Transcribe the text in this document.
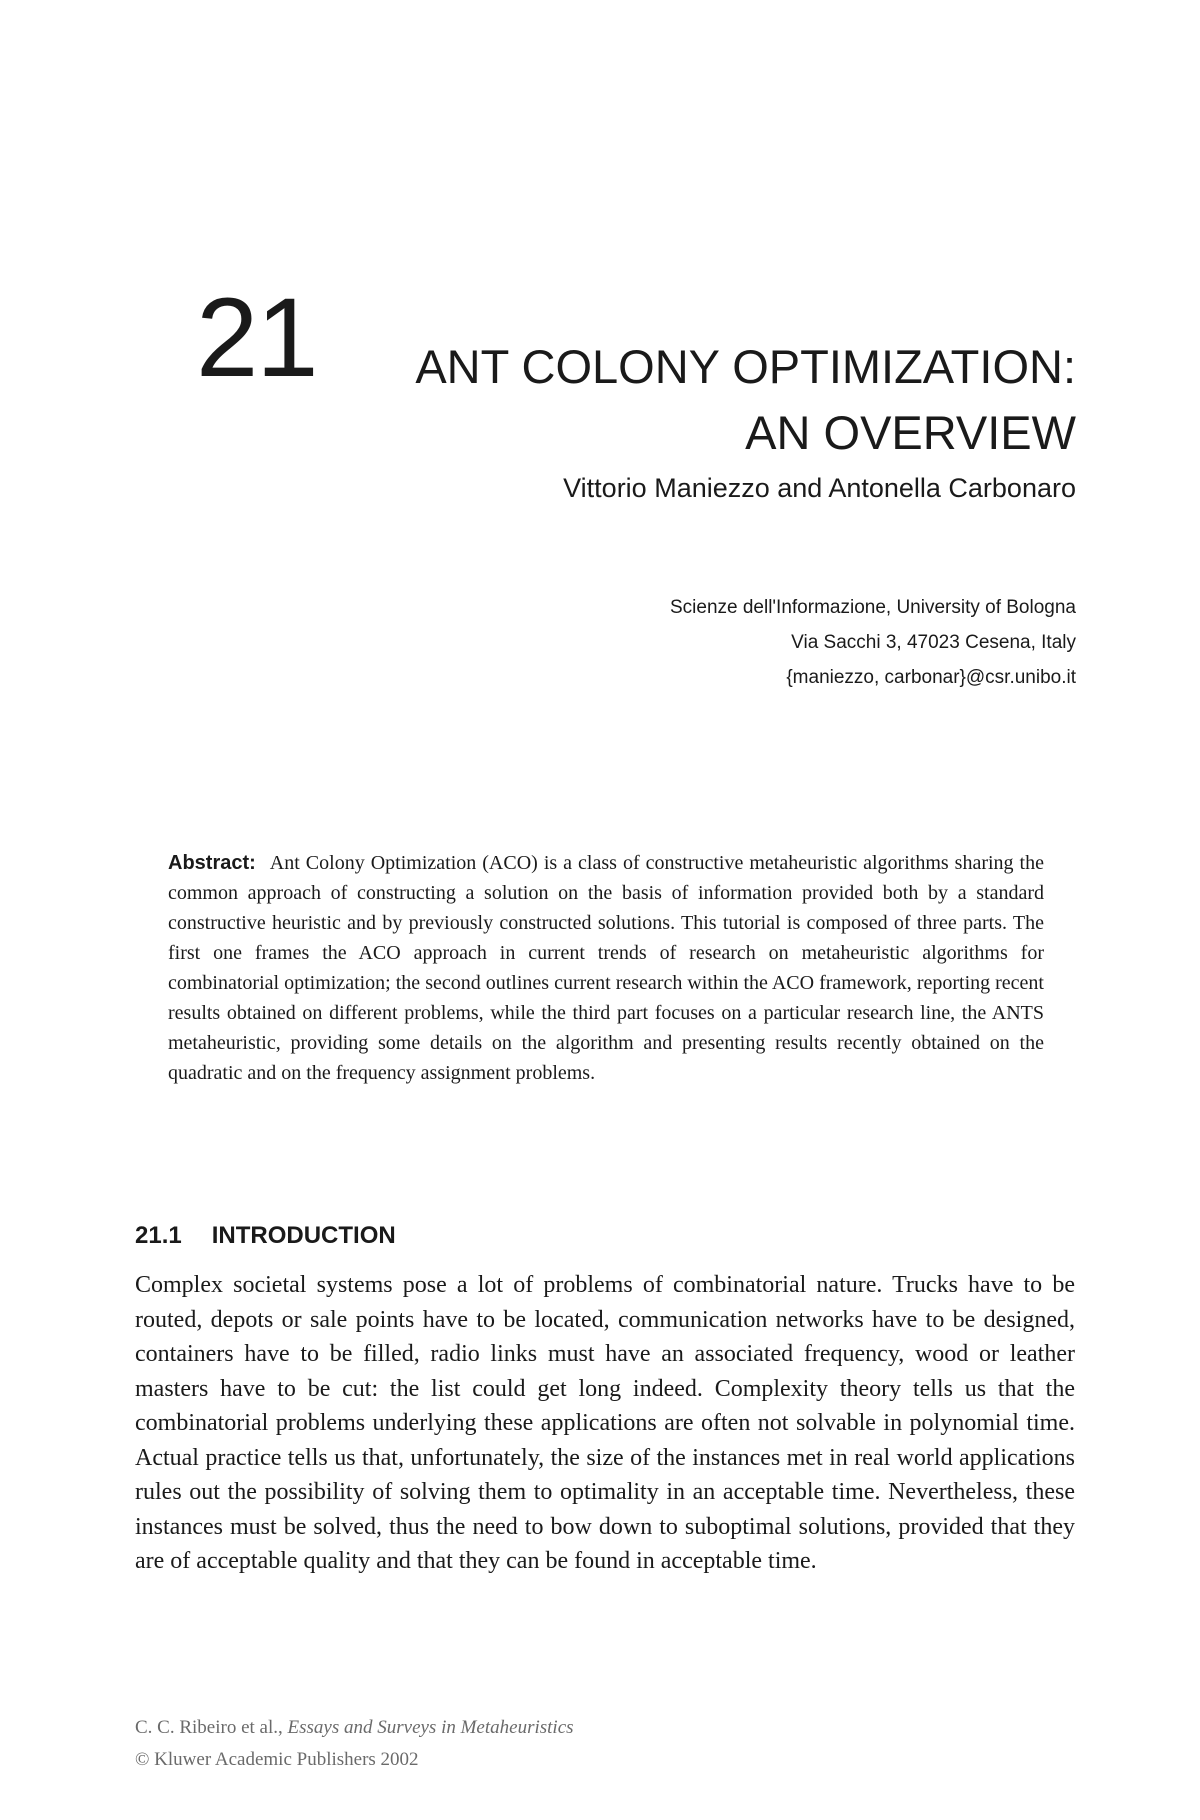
21	ANT COLONY OPTIMIZATION:
AN OVERVIEW
Vittorio Maniezzo and Antonella Carbonaro
Scienze dell'Informazione, University of Bologna
Via Sacchi 3, 47023 Cesena, Italy
{maniezzo, carbonar}@csr.unibo.it
Abstract: Ant Colony Optimization (ACO) is a class of constructive metaheuristic algorithms sharing the common approach of constructing a solution on the basis of information provided both by a standard constructive heuristic and by previously constructed solutions. This tutorial is composed of three parts. The first one frames the ACO approach in current trends of research on metaheuristic algorithms for combinatorial optimization; the second outlines current research within the ACO framework, reporting recent results obtained on different problems, while the third part focuses on a particular research line, the ANTS metaheuristic, providing some details on the algorithm and presenting results recently obtained on the quadratic and on the frequency assignment problems.
21.1 INTRODUCTION
Complex societal systems pose a lot of problems of combinatorial nature. Trucks have to be routed, depots or sale points have to be located, communication networks have to be designed, containers have to be filled, radio links must have an associated frequency, wood or leather masters have to be cut: the list could get long indeed. Complexity theory tells us that the combinatorial problems underlying these applications are often not solvable in polynomial time. Actual practice tells us that, unfortunately, the size of the instances met in real world applications rules out the possibility of solving them to optimality in an acceptable time. Nevertheless, these instances must be solved, thus the need to bow down to suboptimal solutions, provided that they are of acceptable quality and that they can be found in acceptable time.
C. C. Ribeiro et al., Essays and Surveys in Metaheuristics
© Kluwer Academic Publishers 2002
